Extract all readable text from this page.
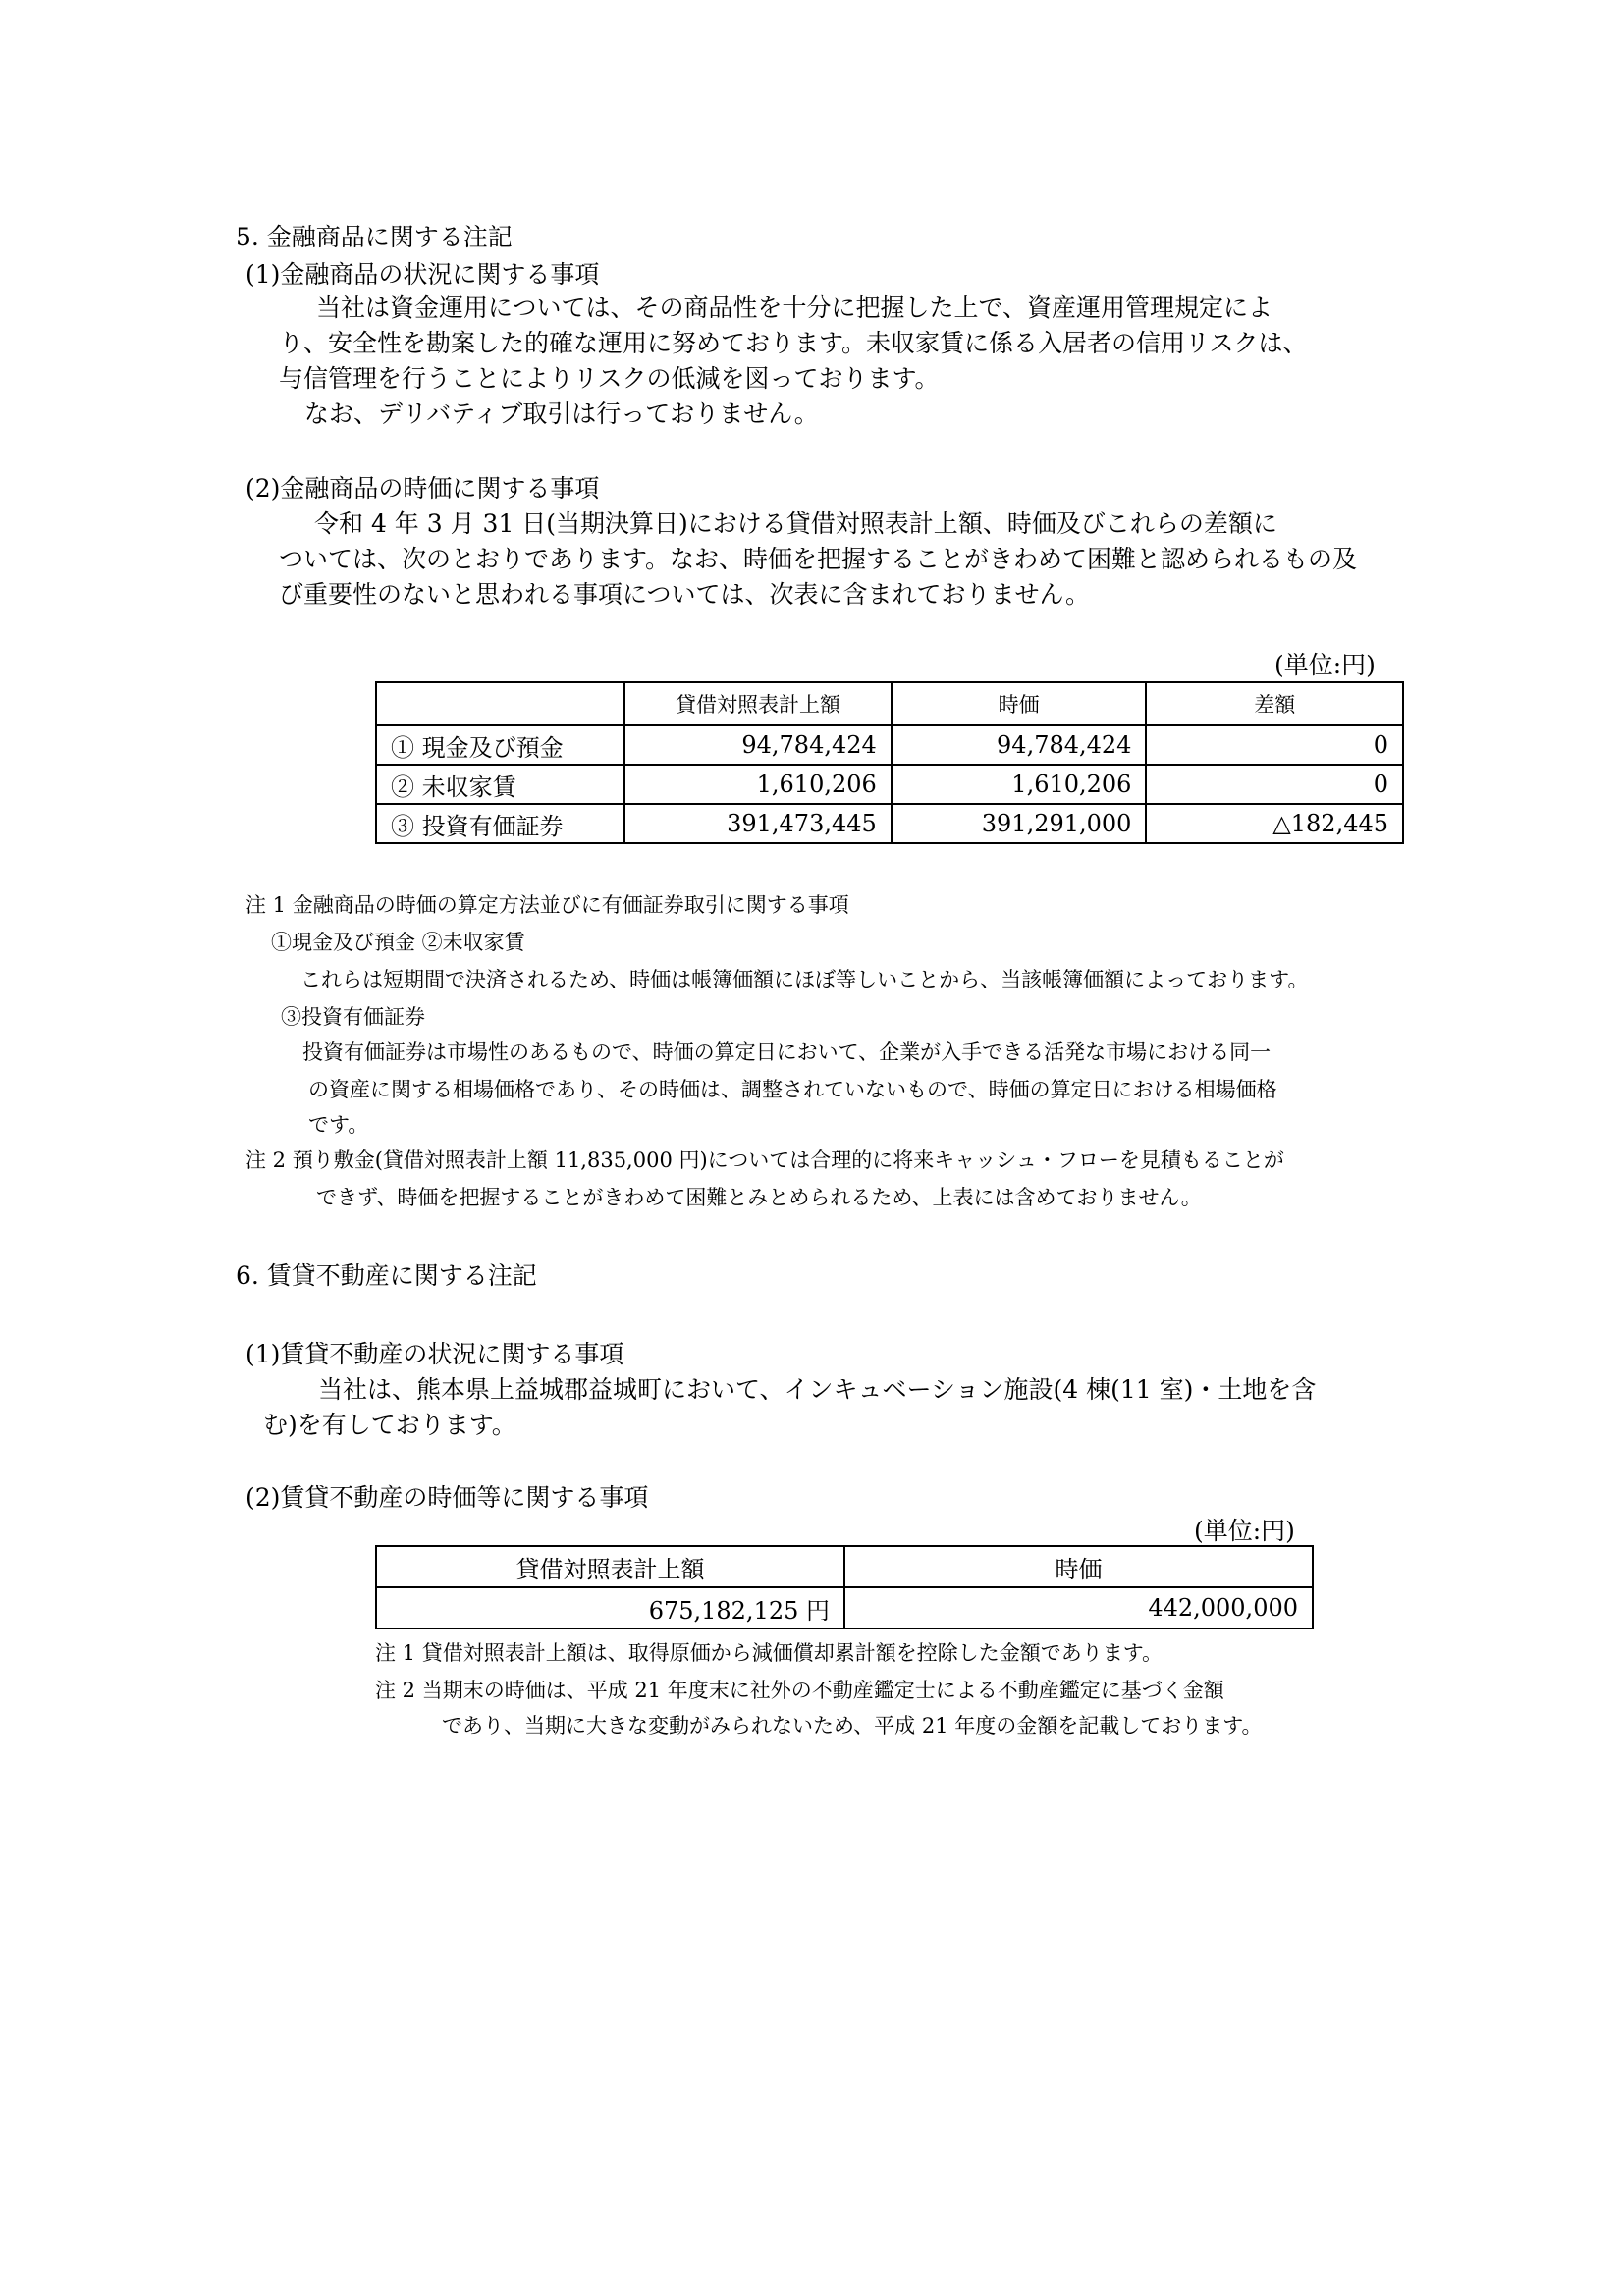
5. 金融商品に関する注記
(1)金融商品の状況に関する事項
当社は資金運用については、その商品性を十分に把握した上で、資産運用管理規定によ
り、安全性を勘案した的確な運用に努めております。未収家賃に係る入居者の信用リスクは、
与信管理を行うことによりリスクの低減を図っております。
なお、デリバティブ取引は行っておりません。
(2)金融商品の時価に関する事項
令和 4 年 3 月 31 日(当期決算日)における貸借対照表計上額、時価及びこれらの差額に
ついては、次のとおりであります。なお、時価を把握することがきわめて困難と認められるもの及
び重要性のないと思われる事項については、次表に含まれておりません。
(単位:円)
	貸借対照表計上額	時価	差額
① 現金及び預金	94,784,424	94,784,424	0
② 未収家賃	1,610,206	1,610,206	0
③ 投資有価証券	391,473,445	391,291,000	△182,445
注 1 金融商品の時価の算定方法並びに有価証券取引に関する事項
①現金及び預金 ②未収家賃
これらは短期間で決済されるため、時価は帳簿価額にほぼ等しいことから、当該帳簿価額によっております。
③投資有価証券
投資有価証券は市場性のあるもので、時価の算定日において、企業が入手できる活発な市場における同一
の資産に関する相場価格であり、その時価は、調整されていないもので、時価の算定日における相場価格
です。
注 2 預り敷金(貸借対照表計上額 11,835,000 円)については合理的に将来キャッシュ・フローを見積もることが
できず、時価を把握することがきわめて困難とみとめられるため、上表には含めておりません。
6. 賃貸不動産に関する注記
(1)賃貸不動産の状況に関する事項
当社は、熊本県上益城郡益城町において、インキュベーション施設(4 棟(11 室)・土地を含
む)を有しております。
(2)賃貸不動産の時価等に関する事項
(単位:円)
貸借対照表計上額	時価
675,182,125 円	442,000,000
注 1 貸借対照表計上額は、取得原価から減価償却累計額を控除した金額であります。
注 2 当期末の時価は、平成 21 年度末に社外の不動産鑑定士による不動産鑑定に基づく金額
であり、当期に大きな変動がみられないため、平成 21 年度の金額を記載しております。
